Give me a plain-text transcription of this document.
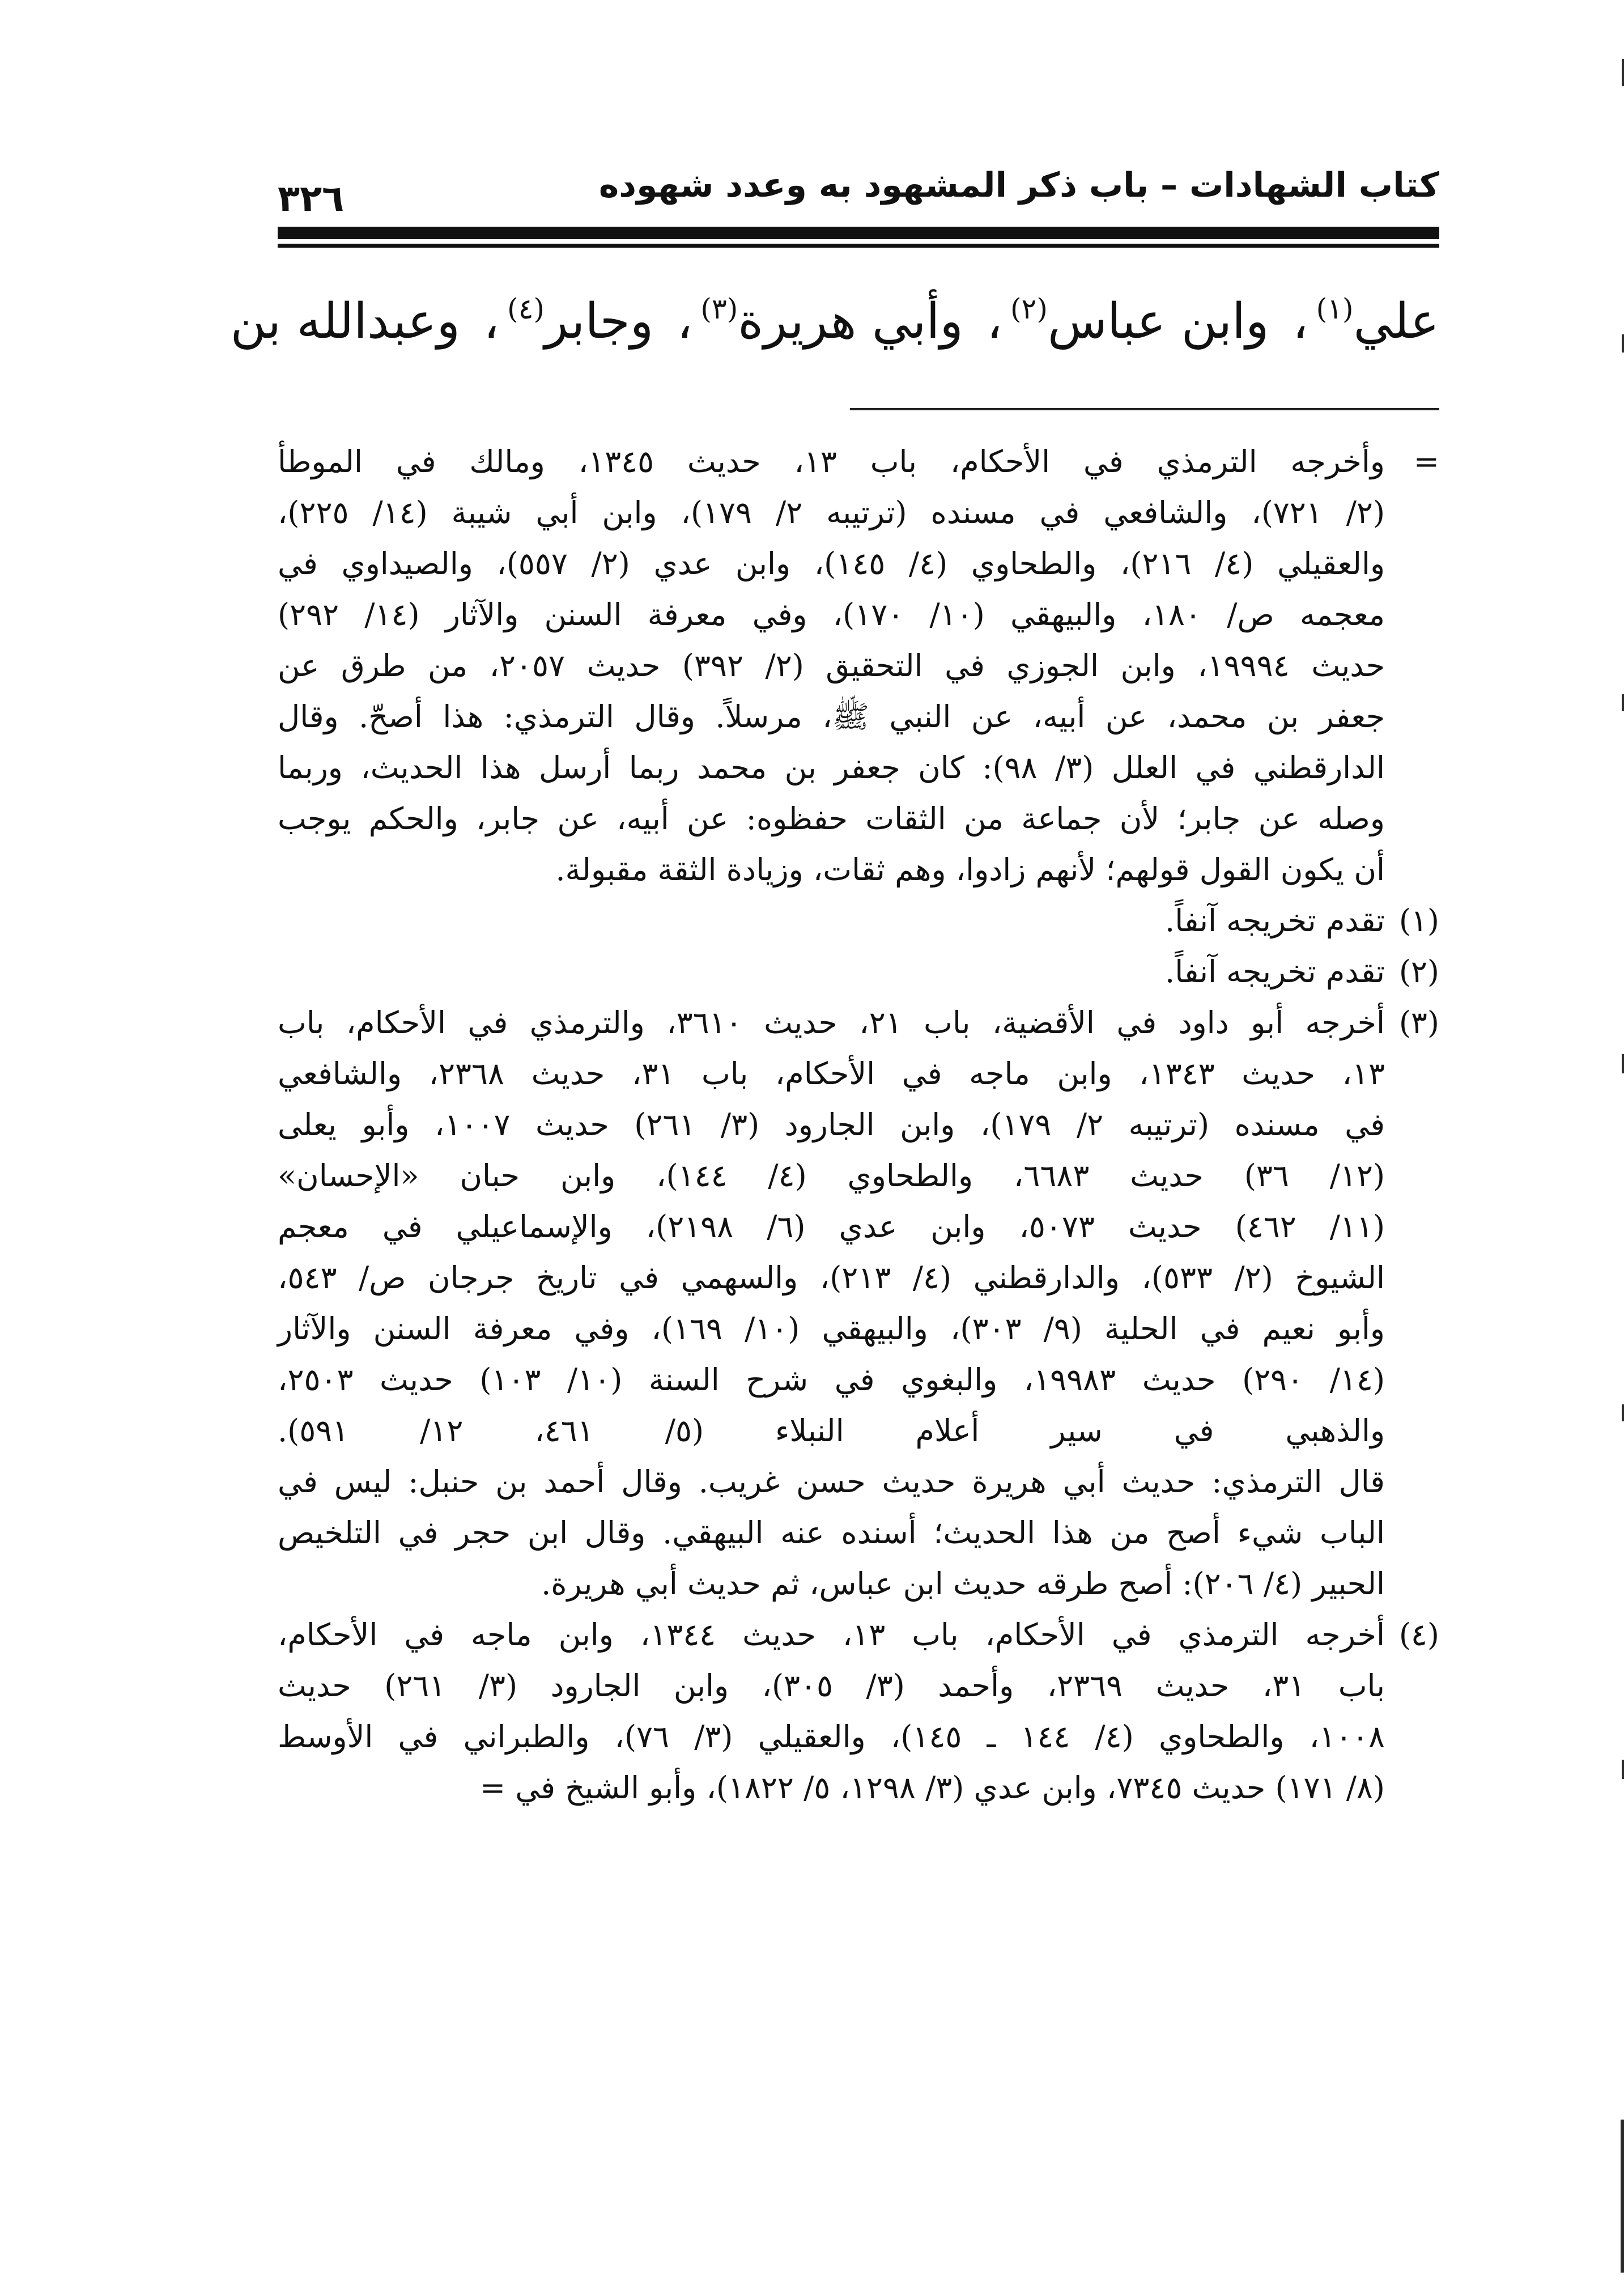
كتاب الشهادات – باب ذكر المشهود به وعدد شهوده
٣٢٦
علي$^{(١)}$، وابن عباس$^{(٢)}$، وأبي هريرة$^{(٣)}$، وجابر$^{(٤)}$، وعبدالله بن
=
وأخرجه الترمذي في الأحكام، باب ١٣، حديث ١٣٤٥، ومالك في الموطأ
(٢/ ٧٢١)، والشافعي في مسنده (ترتيبه ٢/ ١٧٩)، وابن أبي شيبة (١٤/ ٢٢٥)،
والعقيلي (٤/ ٢١٦)، والطحاوي (٤/ ١٤٥)، وابن عدي (٢/ ٥٥٧)، والصيداوي في
معجمه ص/ ١٨٠، والبيهقي (١٠/ ١٧٠)، وفي معرفة السنن والآثار (١٤/ ٢٩٢)
حديث ١٩٩٩٤، وابن الجوزي في التحقيق (٢/ ٣٩٢) حديث ٢٠٥٧، من طرق عن
جعفر بن محمد، عن أبيه، عن النبي ﷺ، مرسلاً. وقال الترمذي: هذا أصحّ. وقال
الدارقطني في العلل (٣/ ٩٨): كان جعفر بن محمد ربما أرسل هذا الحديث، وربما
وصله عن جابر؛ لأن جماعة من الثقات حفظوه: عن أبيه، عن جابر، والحكم يوجب
أن يكون القول قولهم؛ لأنهم زادوا، وهم ثقات، وزيادة الثقة مقبولة.
(١)
تقدم تخريجه آنفاً.
(٢)
تقدم تخريجه آنفاً.
(٣)
أخرجه أبو داود في الأقضية، باب ٢١، حديث ٣٦١٠، والترمذي في الأحكام، باب
١٣، حديث ١٣٤٣، وابن ماجه في الأحكام، باب ٣١، حديث ٢٣٦٨، والشافعي
في مسنده (ترتيبه ٢/ ١٧٩)، وابن الجارود (٣/ ٢٦١) حديث ١٠٠٧، وأبو يعلى
(١٢/ ٣٦) حديث ٦٦٨٣، والطحاوي (٤/ ١٤٤)، وابن حبان «الإحسان»
(١١/ ٤٦٢) حديث ٥٠٧٣، وابن عدي (٦/ ٢١٩٨)، والإسماعيلي في معجم
الشيوخ (٢/ ٥٣٣)، والدارقطني (٤/ ٢١٣)، والسهمي في تاريخ جرجان ص/ ٥٤٣،
وأبو نعيم في الحلية (٩/ ٣٠٣)، والبيهقي (١٠/ ١٦٩)، وفي معرفة السنن والآثار
(١٤/ ٢٩٠) حديث ١٩٩٨٣، والبغوي في شرح السنة (١٠/ ١٠٣) حديث ٢٥٠٣،
والذهبي في سير أعلام النبلاء (٥/ ٤٦١، ١٢/ ٥٩١).
قال الترمذي: حديث أبي هريرة حديث حسن غريب. وقال أحمد بن حنبل: ليس في
الباب شيء أصح من هذا الحديث؛ أسنده عنه البيهقي. وقال ابن حجر في التلخيص
الحبير (٤/ ٢٠٦): أصح طرقه حديث ابن عباس، ثم حديث أبي هريرة.
(٤)
أخرجه الترمذي في الأحكام، باب ١٣، حديث ١٣٤٤، وابن ماجه في الأحكام،
باب ٣١، حديث ٢٣٦٩، وأحمد (٣/ ٣٠٥)، وابن الجارود (٣/ ٢٦١) حديث
١٠٠٨، والطحاوي (٤/ ١٤٤ ـ ١٤٥)، والعقيلي (٣/ ٧٦)، والطبراني في الأوسط
(٨/ ١٧١) حديث ٧٣٤٥، وابن عدي (٣/ ١٢٩٨، ٥/ ١٨٢٢)، وأبو الشيخ في =
